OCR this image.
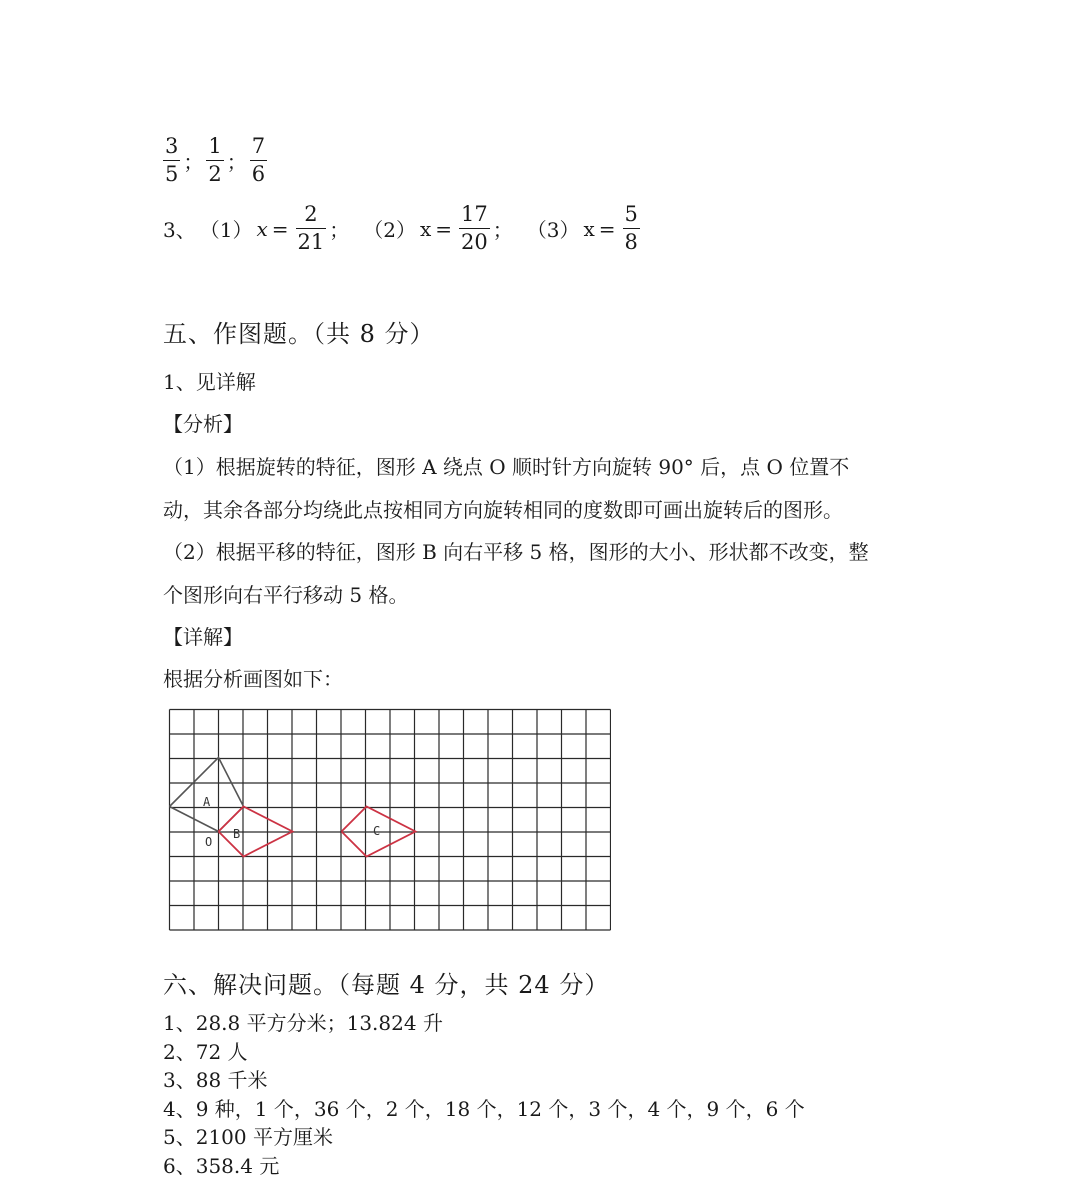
$\frac{3}{5}$ ； $\frac{1}{2}$ ； $\frac{7}{6}$
3、 （1） $x = \frac{2}{21}$ ； （2） $x = \frac{17}{20}$ ； （3） $x = \frac{5}{8}$
五、作图题。（共 8 分）
1、见详解
【分析】
（1）根据旋转的特征，图形 A 绕点 O 顺时针方向旋转 90° 后，点 O 位置不
动，其余各部分均绕此点按相同方向旋转相同的度数即可画出旋转后的图形。
（2）根据平移的特征，图形 B 向右平移 5 格，图形的大小、形状都不改变，整
个图形向右平行移动 5 格。
【详解】
根据分析画图如下：
A
B	C
O
六、解决问题。（每题 4 分，共 24 分）
1、28.8 平方分米；13.824 升
2、72 人
3、88 千米
4、9 种，1 个，36 个，2 个，18 个，12 个，3 个，4 个，9 个，6 个
5、2100 平方厘米
6、358.4 元
